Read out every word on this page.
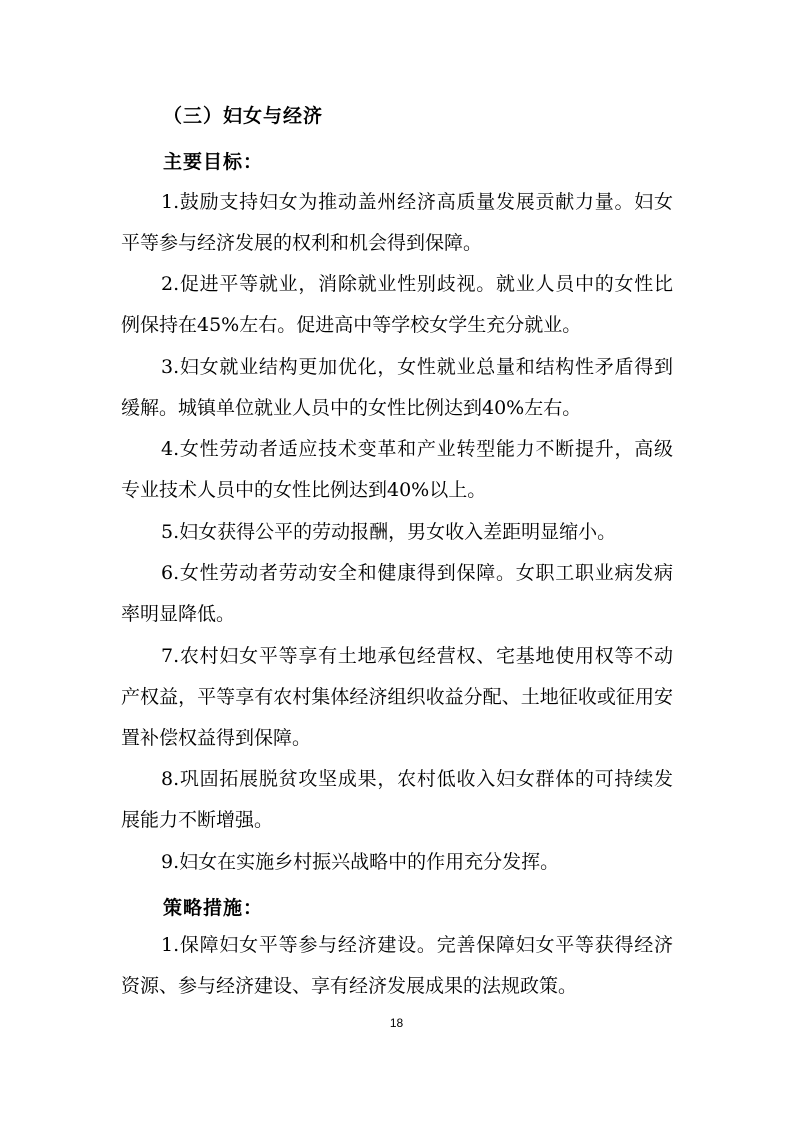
（三）妇女与经济
主要目标：

1.鼓励支持妇女为推动盖州经济高质量发展贡献力量。妇女平等参与经济发展的权利和机会得到保障。

2.促进平等就业，消除就业性别歧视。就业人员中的女性比例保持在45%左右。促进高中等学校女学生充分就业。

3.妇女就业结构更加优化，女性就业总量和结构性矛盾得到缓解。城镇单位就业人员中的女性比例达到40%左右。

4.女性劳动者适应技术变革和产业转型能力不断提升，高级专业技术人员中的女性比例达到40%以上。

5.妇女获得公平的劳动报酬，男女收入差距明显缩小。

6.女性劳动者劳动安全和健康得到保障。女职工职业病发病率明显降低。

7.农村妇女平等享有土地承包经营权、宅基地使用权等不动产权益，平等享有农村集体经济组织收益分配、土地征收或征用安置补偿权益得到保障。

8.巩固拓展脱贫攻坚成果，农村低收入妇女群体的可持续发展能力不断增强。

9.妇女在实施乡村振兴战略中的作用充分发挥。

策略措施：

1.保障妇女平等参与经济建设。完善保障妇女平等获得经济资源、参与经济建设、享有经济发展成果的法规政策。

18
